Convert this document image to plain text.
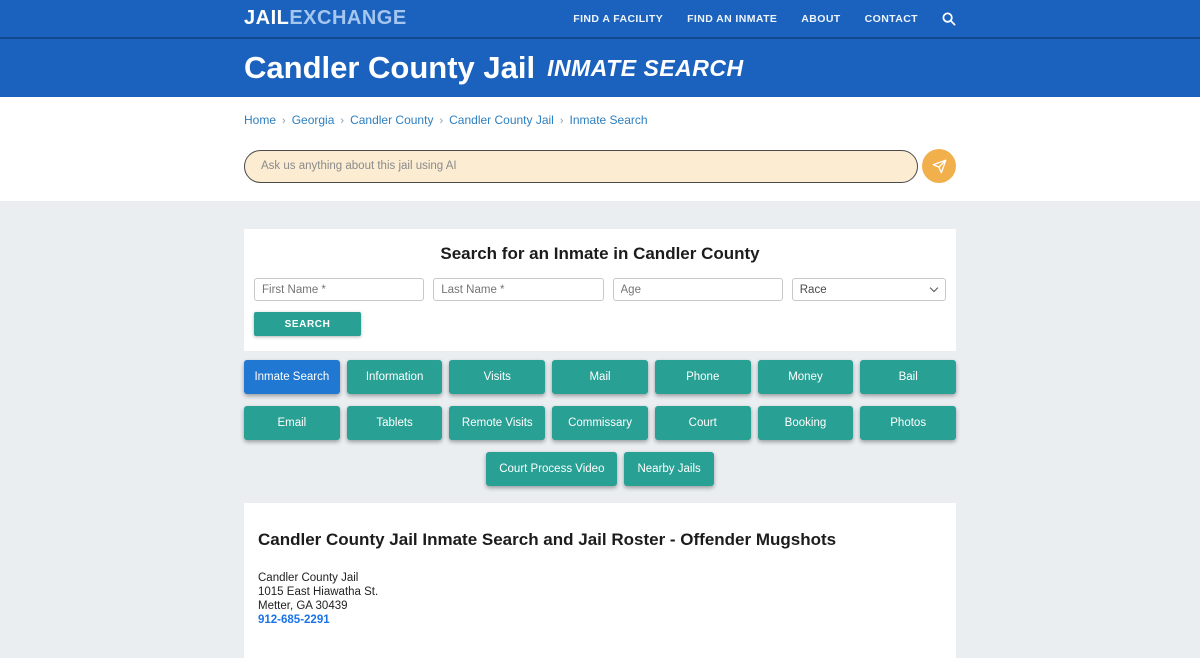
JAILEXCHANGE	FIND A FACILITY FIND AN INMATE ABOUT CONTACT
Candler County Jail INMATE SEARCH
Home › Georgia › Candler County › Candler County Jail › Inmate Search
Ask us anything about this jail using AI
Search for an Inmate in Candler County
First Name *
Last Name *
Age
Race
SEARCH
Inmate Search	Information	Visits	Mail	Phone	Money	Bail
Email	Tablets	Remote Visits	Commissary	Court	Booking	Photos
Court Process Video	Nearby Jails
Candler County Jail Inmate Search and Jail Roster - Offender Mugshots
Candler County Jail
1015 East Hiawatha St.
Metter, GA 30439
912-685-2291
